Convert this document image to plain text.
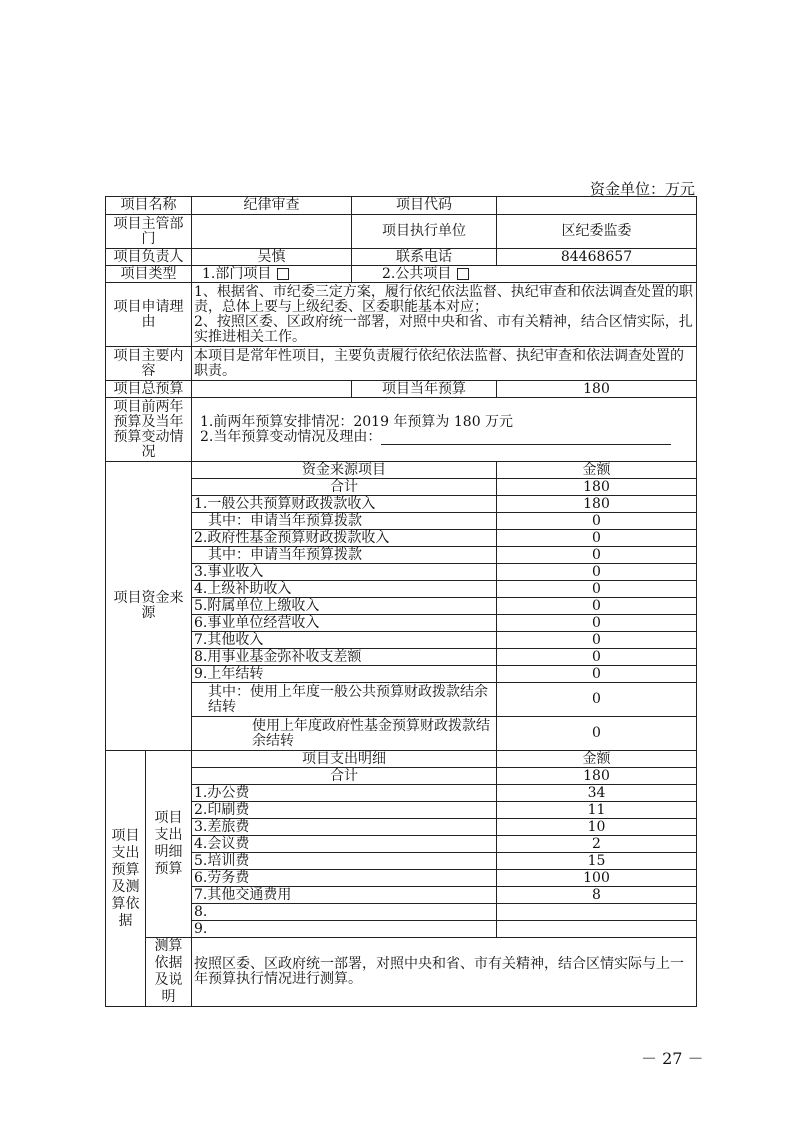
资金单位：万元
项目名称		纪律审查	项目代码	
项目主管部门			项目执行单位	区纪委监委
项目负责人		吴慎	联系电话	84468657
项目类型		1.部门项目	2.公共项目	
项目申请理由		1、根据省、市纪委三定方案，履行依纪依法监督、执纪审查和依法调查处置的职责，总体上要与上级纪委、区委职能基本对应；
2、按照区委、区政府统一部署，对照中央和省、市有关精神，结合区情实际，扎实推进相关工作。		

项目主要内容		本项目是常年性项目，主要负责履行依纪依法监督、执纪审查和依法调查处置的职责。		
项目总预算			项目当年预算	180
项目前两年预算及当年预算变动情况		1.前两年预算安排情况：2019 年预算为 180 万元
2.当年预算变动情况及理由：		

项目资金来源		资金来源项目		金额
		合计		180
		1.一般公共预算财政拨款收入		180
		其中：申请当年预算拨款		0
		2.政府性基金预算财政拨款收入		0
		其中：申请当年预算拨款		0
		3.事业收入		0
		4.上级补助收入		0
		5.附属单位上缴收入		0
		6.事业单位经营收入		0
		7.其他收入		0
		8.用事业基金弥补收支差额		0
		9.上年结转		0
		其中：使用上年度一般公共预算财政拨款结余结转		0
		使用上年度政府性基金预算财政拨款结余结转		0
项目支出预算及测算依据	项目支出明细预算	项目支出明细		金额
		合计		180
		1.办公费		34
		2.印刷费		11
		3.差旅费		10
		4.会议费		2
		5.培训费		15
		6.劳务费		100
		7.其他交通费用		8
		8.		
		9.		
	测算依据及说明	按照区委、区政府统一部署，对照中央和省、市有关精神，结合区情实际与上一年预算执行情况进行测算。		
－ 27 －
